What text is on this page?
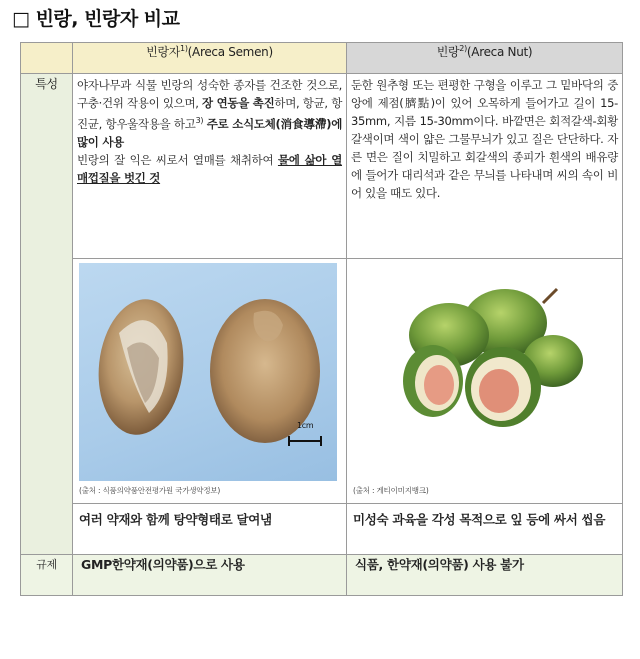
□ 빈랑, 빈랑자 비교
	빈랑자$^{1)}$(Areca Semen)	빈랑$^{2)}$(Areca Nut)
특성	야자나무과 식물 빈랑의 성숙한 종자를 건조한 것으로, 구충·건위 작용이 있으며, 장 연동을 촉진하며, 항균, 항진균, 항우울작용을 하고$^{3)}$ 주로 소식도체(消食導滯)에 많이 사용
빈랑의 잘 익은 씨로서 열매를 채취하여 물에 삶아 열매껍질을 벗긴 것	둔한 원추형 또는 편평한 구형을 이루고 그 밑바닥의 중앙에 제점(臍點)이 있어 오목하게 들어가고 길이 15-35mm, 지름 15-30mm이다. 바깥면은 회적갈색-회황갈색이며 색이 얇은 그물무늬가 있고 질은 단단하다. 자른 면은 질이 치밀하고 회갈색의 종피가 흰색의 배유량에 들어가 대리석과 같은 무늬를 나타내며 씨의 속이 비어 있을 때도 있다.

	1cm
(출처 : 식품의약품안전평가원 국가생약정보)	(출처 : 게티이미지뱅크)

	여러 약재와 함께 탕약형태로 달여냄	미성숙 과육을 각성 목적으로 잎 등에 싸서 씹음
규제	GMP한약재(의약품)으로 사용	식품, 한약재(의약품) 사용 불가
